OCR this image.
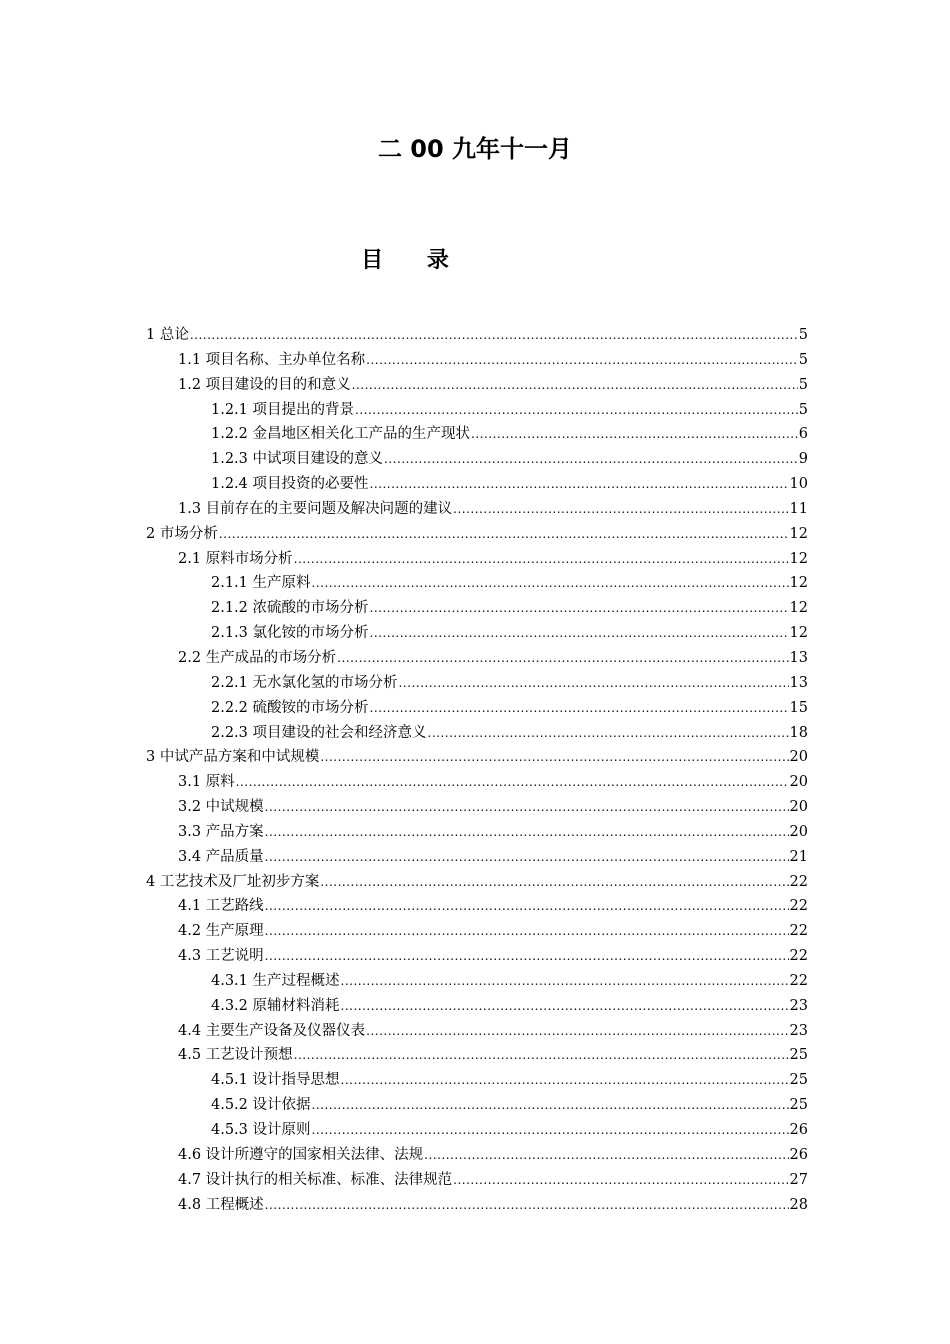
二 00 九年十一月
目 录
1 总论 .....	5
1.1 项目名称、主办单位名称 .....	5
1.2 项目建设的目的和意义 .....	5
1.2.1 项目提出的背景 .....	5
1.2.2 金昌地区相关化工产品的生产现状 .....	6
1.2.3 中试项目建设的意义 .....	9
1.2.4 项目投资的必要性 .....	10
1.3 目前存在的主要问题及解决问题的建议 .....	11
2 市场分析 .....	12
2.1 原料市场分析 .....	12
2.1.1 生产原料 .....	12
2.1.2 浓硫酸的市场分析 .....	12
2.1.3 氯化铵的市场分析 .....	12
2.2 生产成品的市场分析 .....	13
2.2.1 无水氯化氢的市场分析 .....	13
2.2.2 硫酸铵的市场分析 .....	15
2.2.3 项目建设的社会和经济意义 .....	18
3 中试产品方案和中试规模 .....	20
3.1 原料 .....	20
3.2 中试规模 .....	20
3.3 产品方案 .....	20
3.4 产品质量 .....	21
4 工艺技术及厂址初步方案 .....	22
4.1 工艺路线 .....	22
4.2 生产原理 .....	22
4.3 工艺说明 .....	22
4.3.1 生产过程概述 .....	22
4.3.2 原辅材料消耗 .....	23
4.4 主要生产设备及仪器仪表 .....	23
4.5 工艺设计预想 .....	25
4.5.1 设计指导思想 .....	25
4.5.2 设计依据 .....	25
4.5.3 设计原则 .....	26
4.6 设计所遵守的国家相关法律、法规 .....	26
4.7 设计执行的相关标准、标准、法律规范 .....	27
4.8 工程概述 .....	28
